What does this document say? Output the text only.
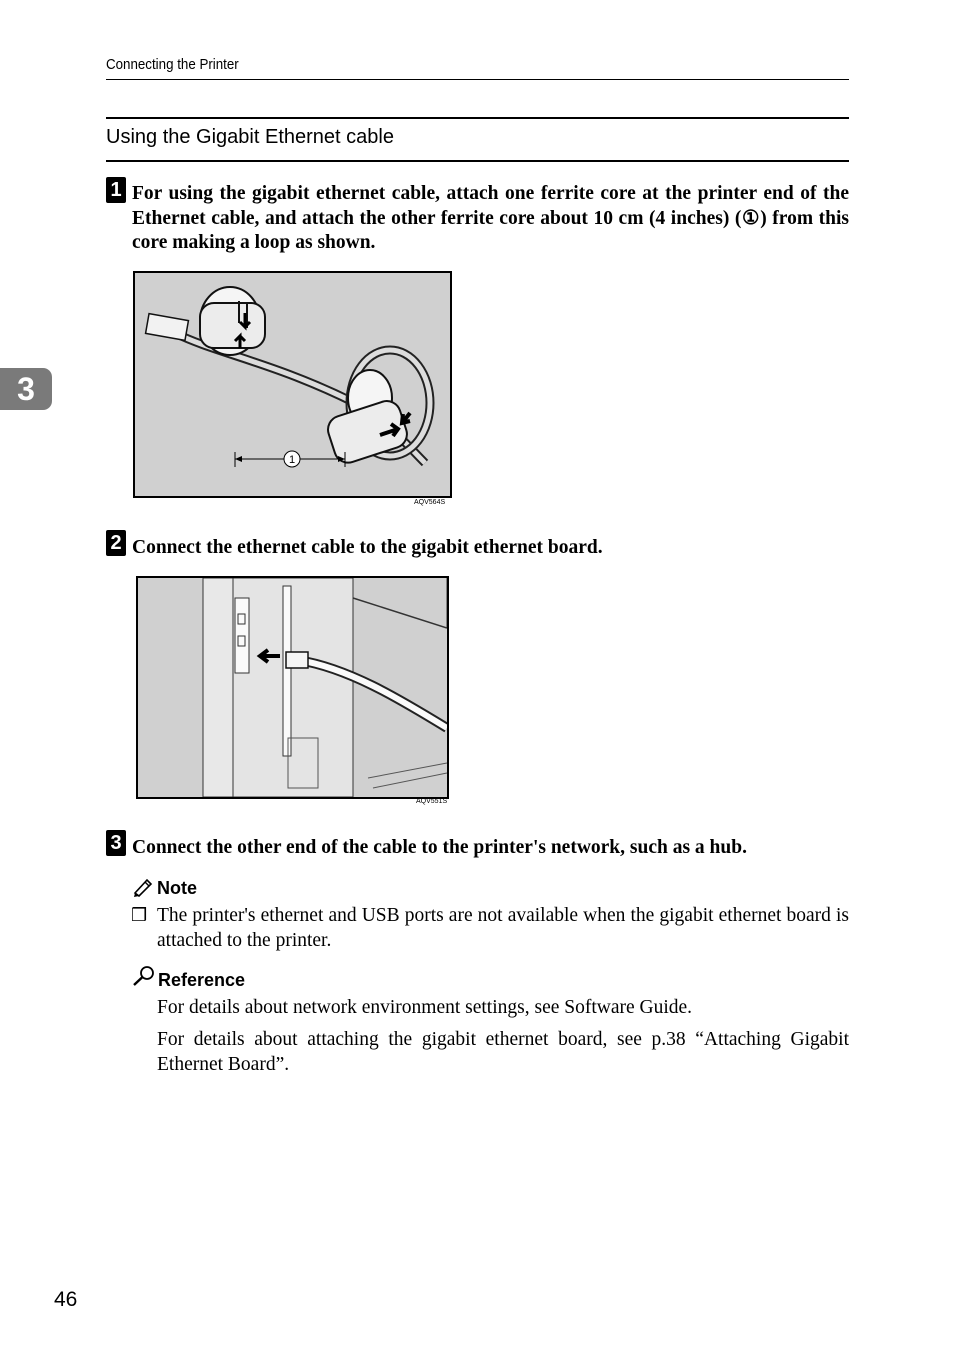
Connecting the Printer
Using the Gigabit Ethernet cable
3
1 For using the gigabit ethernet cable, attach one ferrite core at the printer end of the Ethernet cable, and attach the other ferrite core about 10 cm (4 inches) (①) from this core making a loop as shown.
1
AQV564S
2 Connect the ethernet cable to the gigabit ethernet board.
AQV551S
3 Connect the other end of the cable to the printer's network, such as a hub.
Note
❒ The printer's ethernet and USB ports are not available when the gigabit ethernet board is attached to the printer.
Reference
For details about network environment settings, see Software Guide.
For details about attaching the gigabit ethernet board, see p.38 “Attaching Gigabit Ethernet Board”.
46
